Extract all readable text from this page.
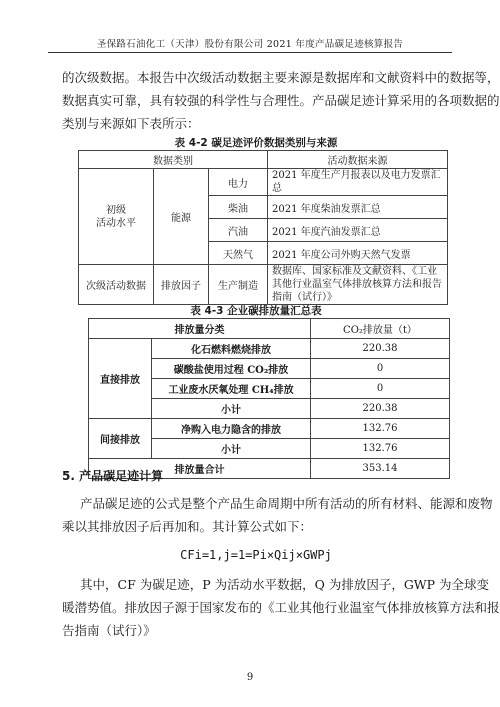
圣保路石油化工（天津）股份有限公司 2021 年度产品碳足迹核算报告
的次级数据。本报告中次级活动数据主要来源是数据库和文献资料中的数据等，
数据真实可靠，具有较强的科学性与合理性。产品碳足迹计算采用的各项数据的
类别与来源如下表所示：
表 4-2 碳足迹评价数据类别与来源
数据类别			活动数据来源
初级
活动水平	能源	电力	2021 年度生产月报表以及电力发票汇总
		柴油	2021 年度柴油发票汇总
		汽油	2021 年度汽油发票汇总
		天然气	2021 年度公司外购天然气发票
次级活动数据	排放因子	生产制造	数据库、国家标准及文献资料、《工业其他行业温室气体排放核算方法和报告指南（试行）》
表 4-3 企业碳排放量汇总表
排放量分类		CO₂排放量（t）
直接排放	化石燃料燃烧排放	220.38
	碳酸盐使用过程 CO₂排放	0
	工业废水厌氧处理 CH₄排放	0
	小计	220.38
间接排放	净购入电力隐含的排放	132.76
	小计	132.76
排放量合计		353.14
5. 产品碳足迹计算
产品碳足迹的公式是整个产品生命周期中所有活动的所有材料、能源和废物
乘以其排放因子后再加和。其计算公式如下：
CFi=1,j=1=Pi×Qij×GWPj
其中，CF 为碳足迹，P 为活动水平数据，Q 为排放因子，GWP 为全球变
暖潜势值。排放因子源于国家发布的《工业其他行业温室气体排放核算方法和报
告指南（试行）》
9
